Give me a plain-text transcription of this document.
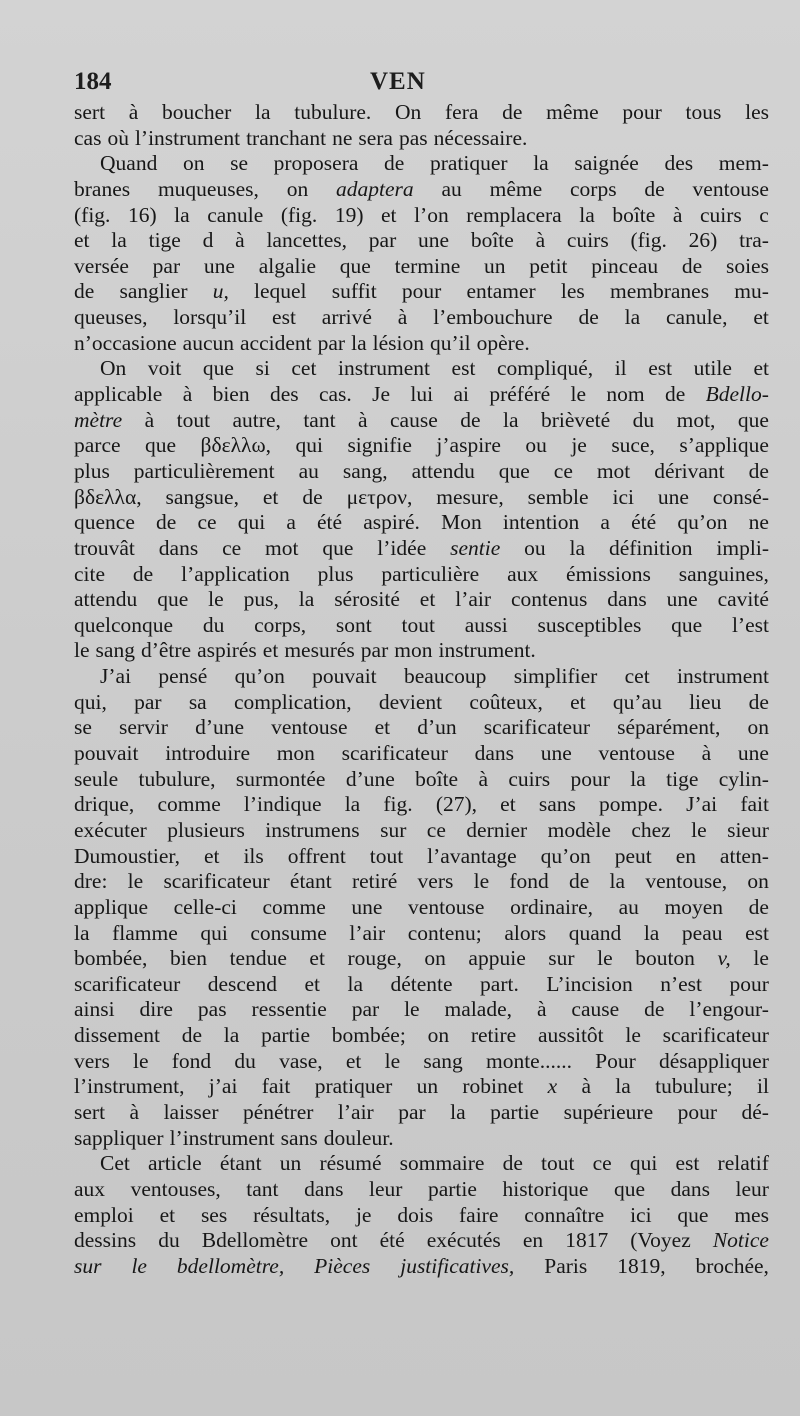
184	VEN
sert à boucher la tubulure. On fera de même pour tous les
cas où l’instrument tranchant ne sera pas nécessaire.
Quand on se proposera de pratiquer la saignée des mem-
branes muqueuses, on adaptera au même corps de ventouse
(fig. 16) la canule (fig. 19) et l’on remplacera la boîte à cuirs c
et la tige d à lancettes, par une boîte à cuirs (fig. 26) tra-
versée par une algalie que termine un petit pinceau de soies
de sanglier u, lequel suffit pour entamer les membranes mu-
queuses, lorsqu’il est arrivé à l’embouchure de la canule, et
n’occasione aucun accident par la lésion qu’il opère.
On voit que si cet instrument est compliqué, il est utile et
applicable à bien des cas. Je lui ai préféré le nom de Bdello-
mètre à tout autre, tant à cause de la brièveté du mot, que
parce que βδελλω, qui signifie j’aspire ou je suce, s’applique
plus particulièrement au sang, attendu que ce mot dérivant de
βδελλα, sangsue, et de μετρον, mesure, semble ici une consé-
quence de ce qui a été aspiré. Mon intention a été qu’on ne
trouvât dans ce mot que l’idée sentie ou la définition impli-
cite de l’application plus particulière aux émissions sanguines,
attendu que le pus, la sérosité et l’air contenus dans une cavité
quelconque du corps, sont tout aussi susceptibles que l’est
le sang d’être aspirés et mesurés par mon instrument.
J’ai pensé qu’on pouvait beaucoup simplifier cet instrument
qui, par sa complication, devient coûteux, et qu’au lieu de
se servir d’une ventouse et d’un scarificateur séparément, on
pouvait introduire mon scarificateur dans une ventouse à une
seule tubulure, surmontée d’une boîte à cuirs pour la tige cylin-
drique, comme l’indique la fig. (27), et sans pompe. J’ai fait
exécuter plusieurs instrumens sur ce dernier modèle chez le sieur
Dumoustier, et ils offrent tout l’avantage qu’on peut en atten-
dre: le scarificateur étant retiré vers le fond de la ventouse, on
applique celle-ci comme une ventouse ordinaire, au moyen de
la flamme qui consume l’air contenu; alors quand la peau est
bombée, bien tendue et rouge, on appuie sur le bouton v, le
scarificateur descend et la détente part. L’incision n’est pour
ainsi dire pas ressentie par le malade, à cause de l’engour-
dissement de la partie bombée; on retire aussitôt le scarificateur
vers le fond du vase, et le sang monte...... Pour désappliquer
l’instrument, j’ai fait pratiquer un robinet x à la tubulure; il
sert à laisser pénétrer l’air par la partie supérieure pour dé-
sappliquer l’instrument sans douleur.
Cet article étant un résumé sommaire de tout ce qui est relatif
aux ventouses, tant dans leur partie historique que dans leur
emploi et ses résultats, je dois faire connaître ici que mes
dessins du Bdellomètre ont été exécutés en 1817 (Voyez Notice
sur le bdellomètre, Pièces justificatives, Paris 1819, brochée,
